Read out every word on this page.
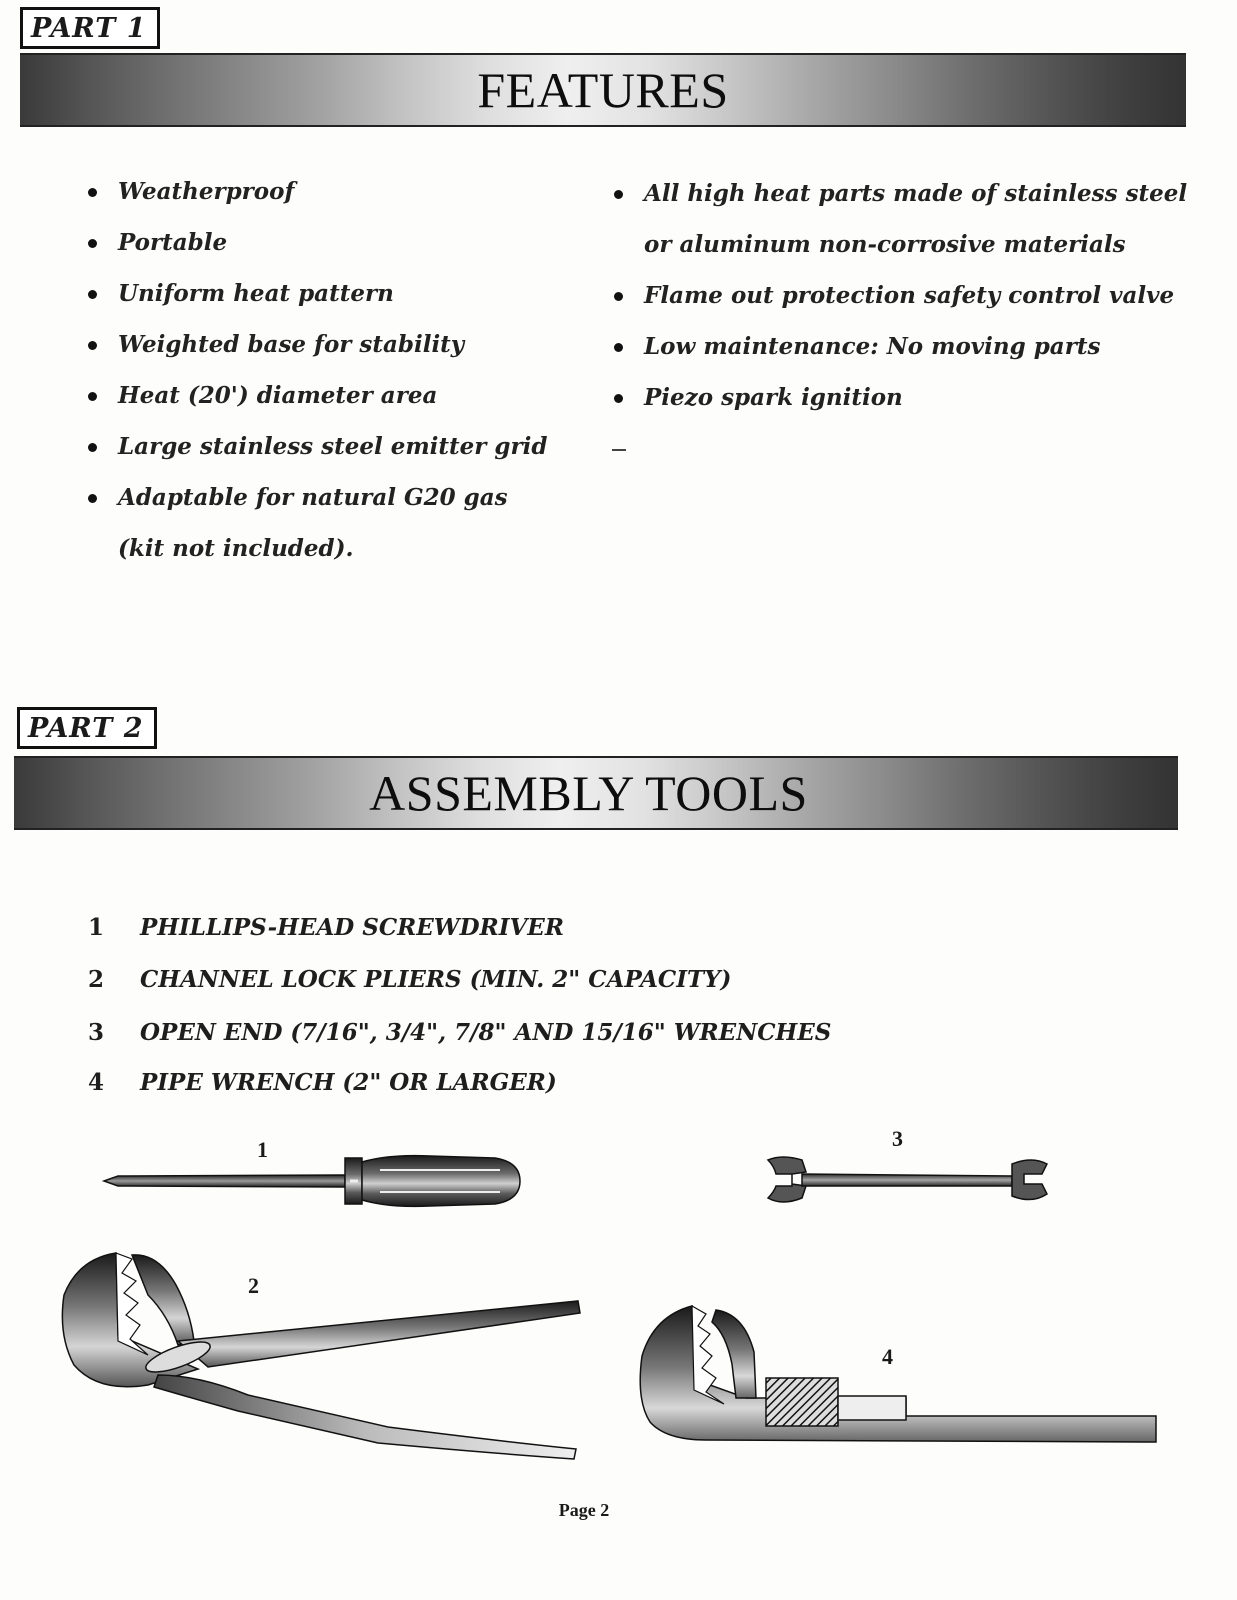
PART 1
FEATURES
Weatherproof
Portable
Uniform heat pattern
Weighted base for stability
Heat (20') diameter area
Large stainless steel emitter grid
Adaptable for natural G20 gas
(kit not included).
All high heat parts made of stainless steel
or aluminum non-corrosive materials
Flame out protection safety control valve
Low maintenance: No moving parts
Piezo spark ignition
PART 2
ASSEMBLY TOOLS
1 PHILLIPS-HEAD SCREWDRIVER
2 CHANNEL LOCK PLIERS (MIN. 2" CAPACITY)
3 OPEN END (7/16", 3/4", 7/8" AND 15/16" WRENCHES
4 PIPE WRENCH (2" OR LARGER)
1	3
2
4
Page 2
